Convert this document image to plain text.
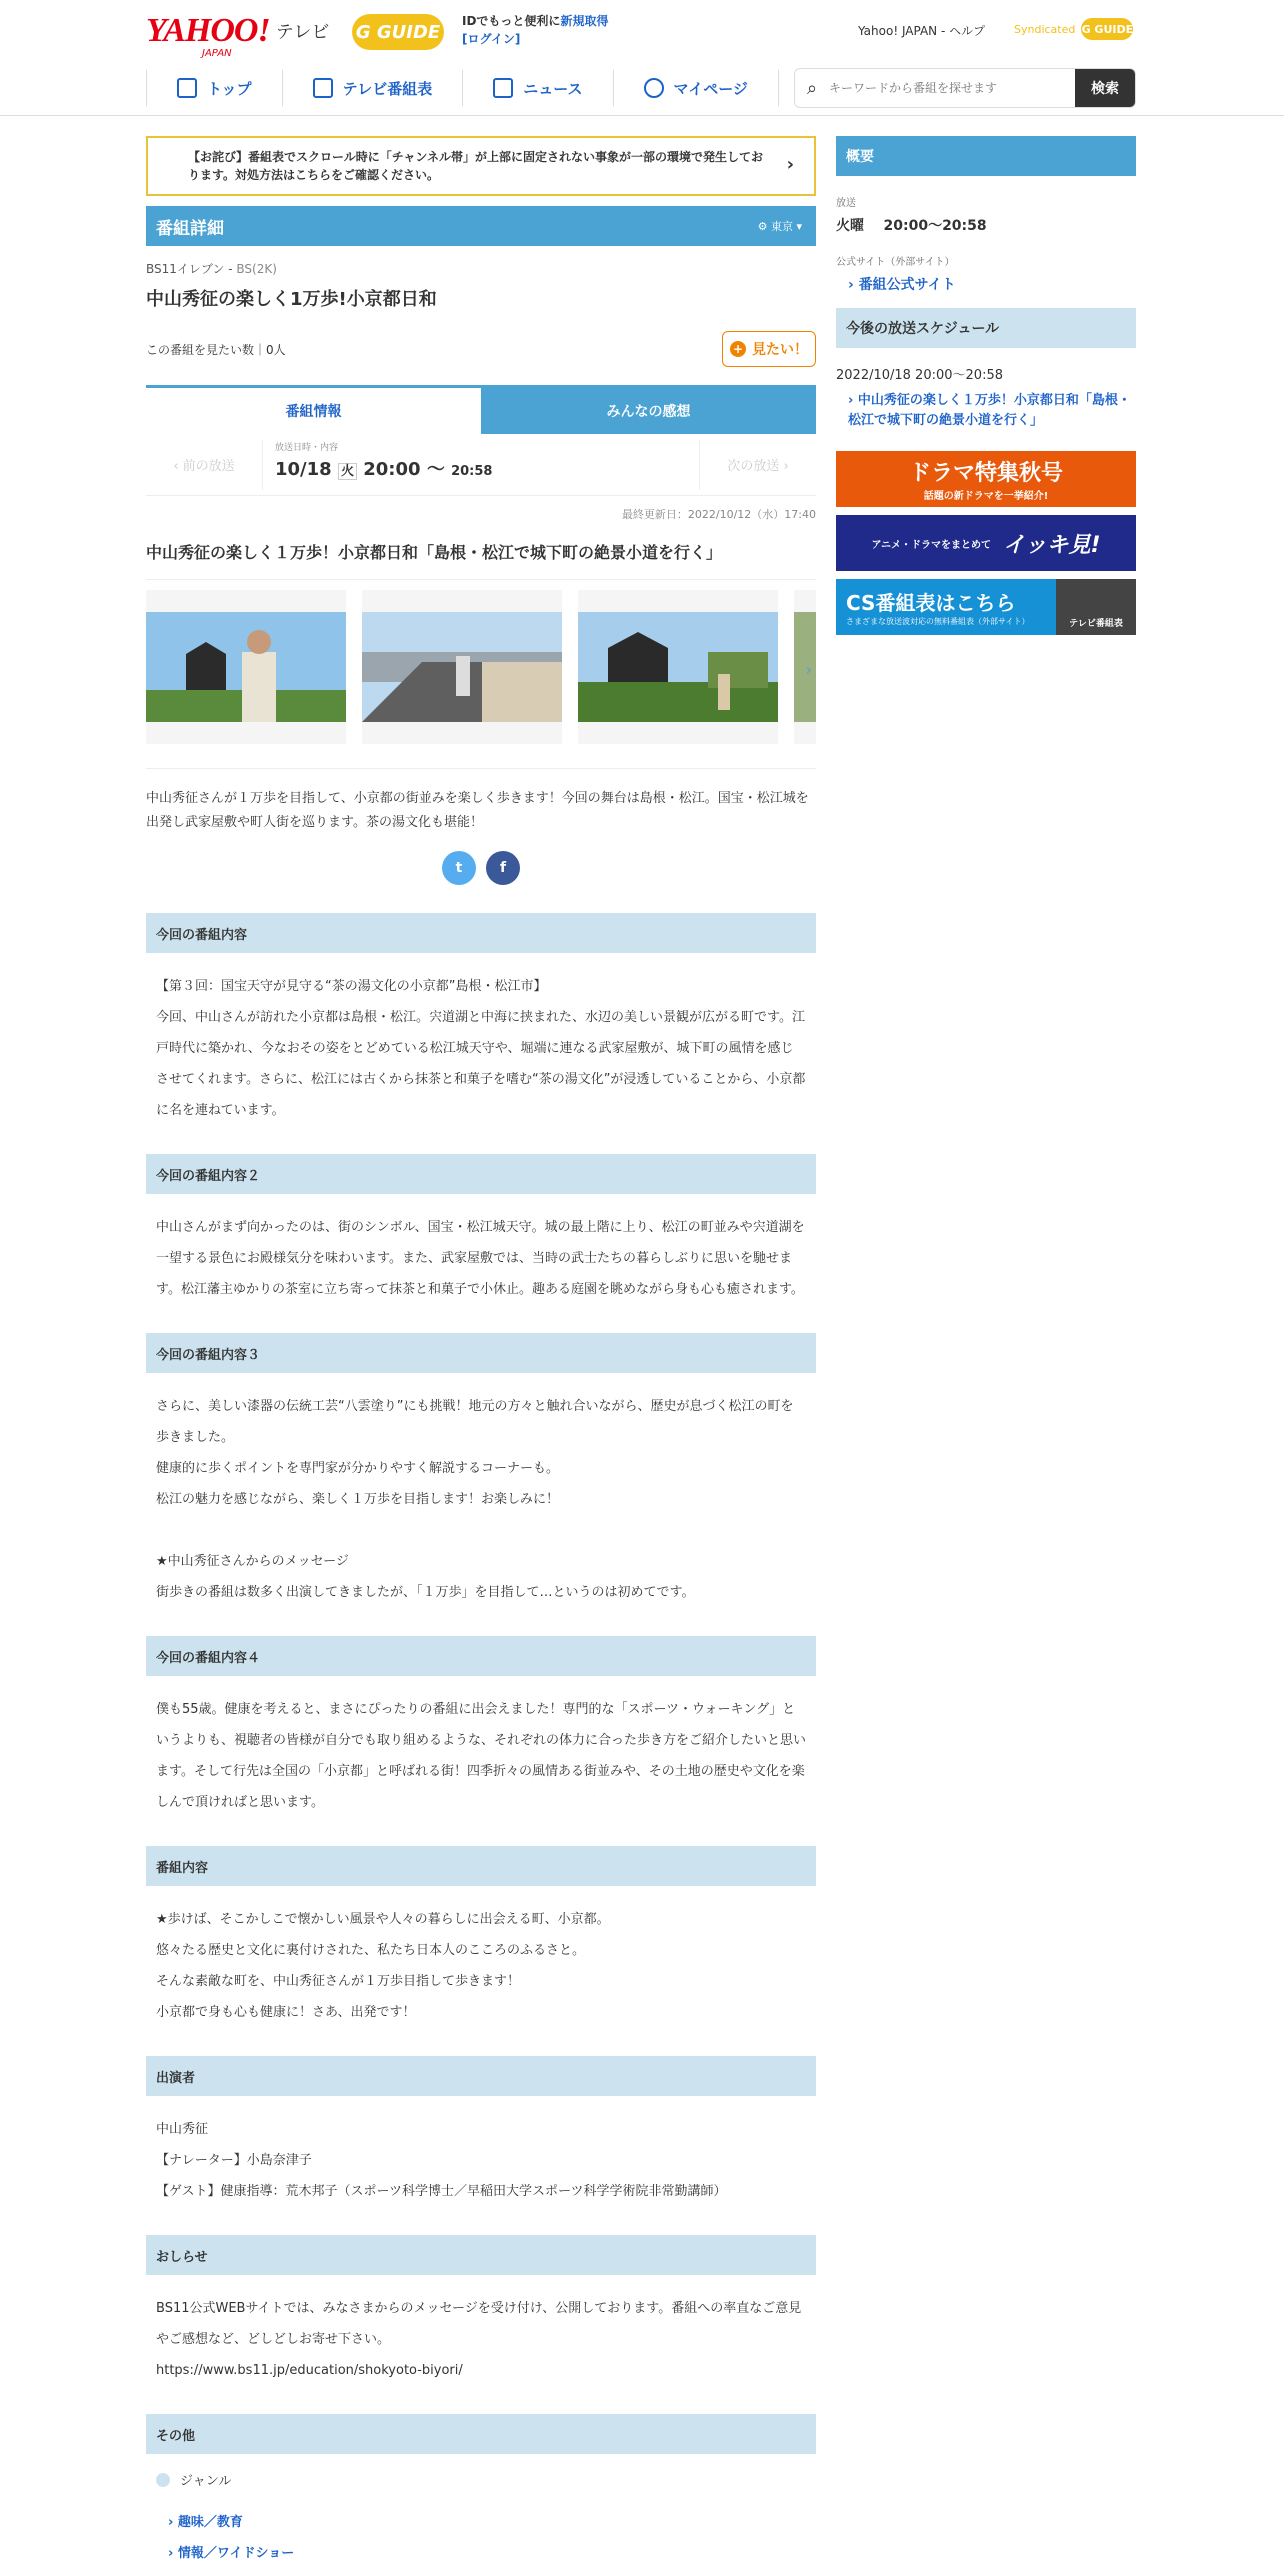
YAHOO!
JAPAN
テレビ G GUIDE
IDでもっと便利に新規取得
[ログイン]
Yahoo! JAPAN - ヘルプ	Syndicated G GUIDE
トップ	テレビ番組表	ニュース	マイページ	⌕
キーワードから番組を探せます	検索
【お詫び】番組表でスクロール時に「チャンネル帯」が上部に固定されない事象が一部の環境で発生しております。対処方法はこちらをご確認ください。	›
番組詳細	⚙ 東京 ▾
BS11イレブン - BS(2K)
中山秀征の楽しく1万歩!小京都日和
この番組を見たい数｜0人	+ 見たい！
番組情報	みんなの感想
‹ 前の放送
放送日時・内容
10/18 火 20:00 〜 20:58	次の放送 ›
最終更新日：2022/10/12（水）17:40
中山秀征の楽しく１万歩！小京都日和「島根・松江で城下町の絶景小道を行く」
›
中山秀征さんが１万歩を目指して、小京都の街並みを楽しく歩きます！今回の舞台は島根・松江。国宝・松江城を出発し武家屋敷や町人街を巡ります。茶の湯文化も堪能！
t	f
今回の番組内容
【第３回：国宝天守が見守る“茶の湯文化の小京都”島根・松江市】
今回、中山さんが訪れた小京都は島根・松江。宍道湖と中海に挟まれた、水辺の美しい景観が広がる町です。江戸時代に築かれ、今なおその姿をとどめている松江城天守や、堀端に連なる武家屋敷が、城下町の風情を感じさせてくれます。さらに、松江には古くから抹茶と和菓子を嗜む“茶の湯文化”が浸透していることから、小京都に名を連ねています。
今回の番組内容２
中山さんがまず向かったのは、街のシンボル、国宝・松江城天守。城の最上階に上り、松江の町並みや宍道湖を一望する景色にお殿様気分を味わいます。また、武家屋敷では、当時の武士たちの暮らしぶりに思いを馳せます。松江藩主ゆかりの茶室に立ち寄って抹茶と和菓子で小休止。趣ある庭園を眺めながら身も心も癒されます。
今回の番組内容３
さらに、美しい漆器の伝統工芸“八雲塗り”にも挑戦！地元の方々と触れ合いながら、歴史が息づく松江の町を歩きました。
健康的に歩くポイントを専門家が分かりやすく解説するコーナーも。
松江の魅力を感じながら、楽しく１万歩を目指します！お楽しみに！
★中山秀征さんからのメッセージ
街歩きの番組は数多く出演してきましたが、「１万歩」を目指して…というのは初めてです。
今回の番組内容４
僕も55歳。健康を考えると、まさにぴったりの番組に出会えました！専門的な「スポーツ・ウォーキング」というよりも、視聴者の皆様が自分でも取り組めるような、それぞれの体力に合った歩き方をご紹介したいと思います。そして行先は全国の「小京都」と呼ばれる街！四季折々の風情ある街並みや、その土地の歴史や文化を楽しんで頂ければと思います。
番組内容
★歩けば、そこかしこで懐かしい風景や人々の暮らしに出会える町、小京都。
悠々たる歴史と文化に裏付けされた、私たち日本人のこころのふるさと。
そんな素敵な町を、中山秀征さんが１万歩目指して歩きます！
小京都で身も心も健康に！さあ、出発です！
出演者
中山秀征
【ナレーター】小島奈津子
【ゲスト】健康指導：荒木邦子（スポーツ科学博士／早稲田大学スポーツ科学学術院非常勤講師）
おしらせ
BS11公式WEBサイトでは、みなさまからのメッセージを受け付け、公開しております。番組への率直なご意見やご感想など、どしどしお寄せ下さい。
https://www.bs11.jp/education/shokyoto-biyori/
その他
ジャンル
› 趣味／教育
› 情報／ワイドショー
概要
放送
火曜 20:00～20:58
公式サイト（外部サイト）
› 番組公式サイト
今後の放送スケジュール
2022/10/18 20:00～20:58
› 中山秀征の楽しく１万歩！小京都日和「島根・松江で城下町の絶景小道を行く」
ドラマ特集秋号
話題の新ドラマを一挙紹介!
アニメ・ドラマをまとめて イッキ見!
CS番組表はこちら
さまざまな放送波対応の無料番組表（外部サイト）	テレビ番組表
